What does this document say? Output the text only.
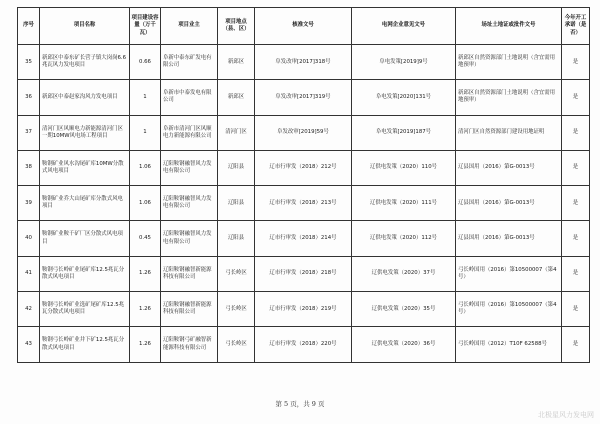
序号	项目名称	项目建设容量（万千瓦）	项目业主	项目地点（县、区）	核准文号	电网企业意见文号	场址土地证或批件文号	今年开工承诺（是否）
35	新邱区中泰东矿长营子镇大岗岗6.6兆瓦风力发电项目	0.66	阜新中泰东矿发电有限公司	新邱区	阜发改审[2017]318号	阜电发策[2019]9号	新邱区自然资源部门土地说明（含宜需用地预审）	是
36	新邱区中泰赵家沟风力发电项目	1	阜新市中泰发电有限公司	新邱区	阜发改审[2017]319号	阜电发策[2020]131号	新邱区自然资源部门土地说明（含宜需用地预审）	是
37	清河门区风顺电力新能源清河门区一期10MW风电场工程项目	1	阜新市清河门区风顺电力新能源有限公司	清河门区	阜发改审[2019]59号	阜电发策[2019]187号	清河门区自然资源部门建设用地证明	是
38	鞍钢矿业风水沟尾矿库10MW分散式风电项目	1.06	辽阳鞍钢融智风力发电有限公司	辽阳县	辽市行审发（2018）212号	辽供电发策（2020）110号	辽县国用（2016）第G-0013号	是
39	鞍钢矿业乔大山尾矿库分散式风电项目	1.06	辽阳鞍钢融智风力发电有限公司	辽阳县	辽市行审发（2018）213号	辽供电发策（2020）111号	辽县国用（2016）第G-0013号	是
40	鞍钢矿业鞍千矿厂区分散式风电项目	0.45	辽阳鞍钢融智风力发电有限公司	辽阳县	辽市行审发（2018）214号	辽供电发策（2020）112号	辽县国用（2016）第G-0013号	是
41	鞍钢弓长岭矿业尾矿库12.5兆瓦分散式风电项目	1.26	辽阳鞍钢融智新能源科技有限公司	弓长岭区	辽市行审发（2018）218号	辽供电发策（2020）37号	弓长岭国用（2016）第10500007（第4号）	是
42	鞍钢弓长岭矿业选矿尾矿库12.5兆瓦分散式风电项目	1.26	辽阳鞍钢融智新能源科技有限公司	弓长岭区	辽市行审发（2018）219号	辽供电发策（2020）35号	弓长岭国用（2016）第10500007（第4号）	是
43	鞍钢弓长岭矿业井下矿12.5兆瓦分散式风电项目	1.26	辽阳鞍钢弓矿融智新能源科技有限公司	弓长岭区	辽市行审发（2018）220号	辽供电发策（2020）36号	弓长岭国用（2012）T10F 62588号	是
第 5 页，共 9 页
北极星风力发电网
